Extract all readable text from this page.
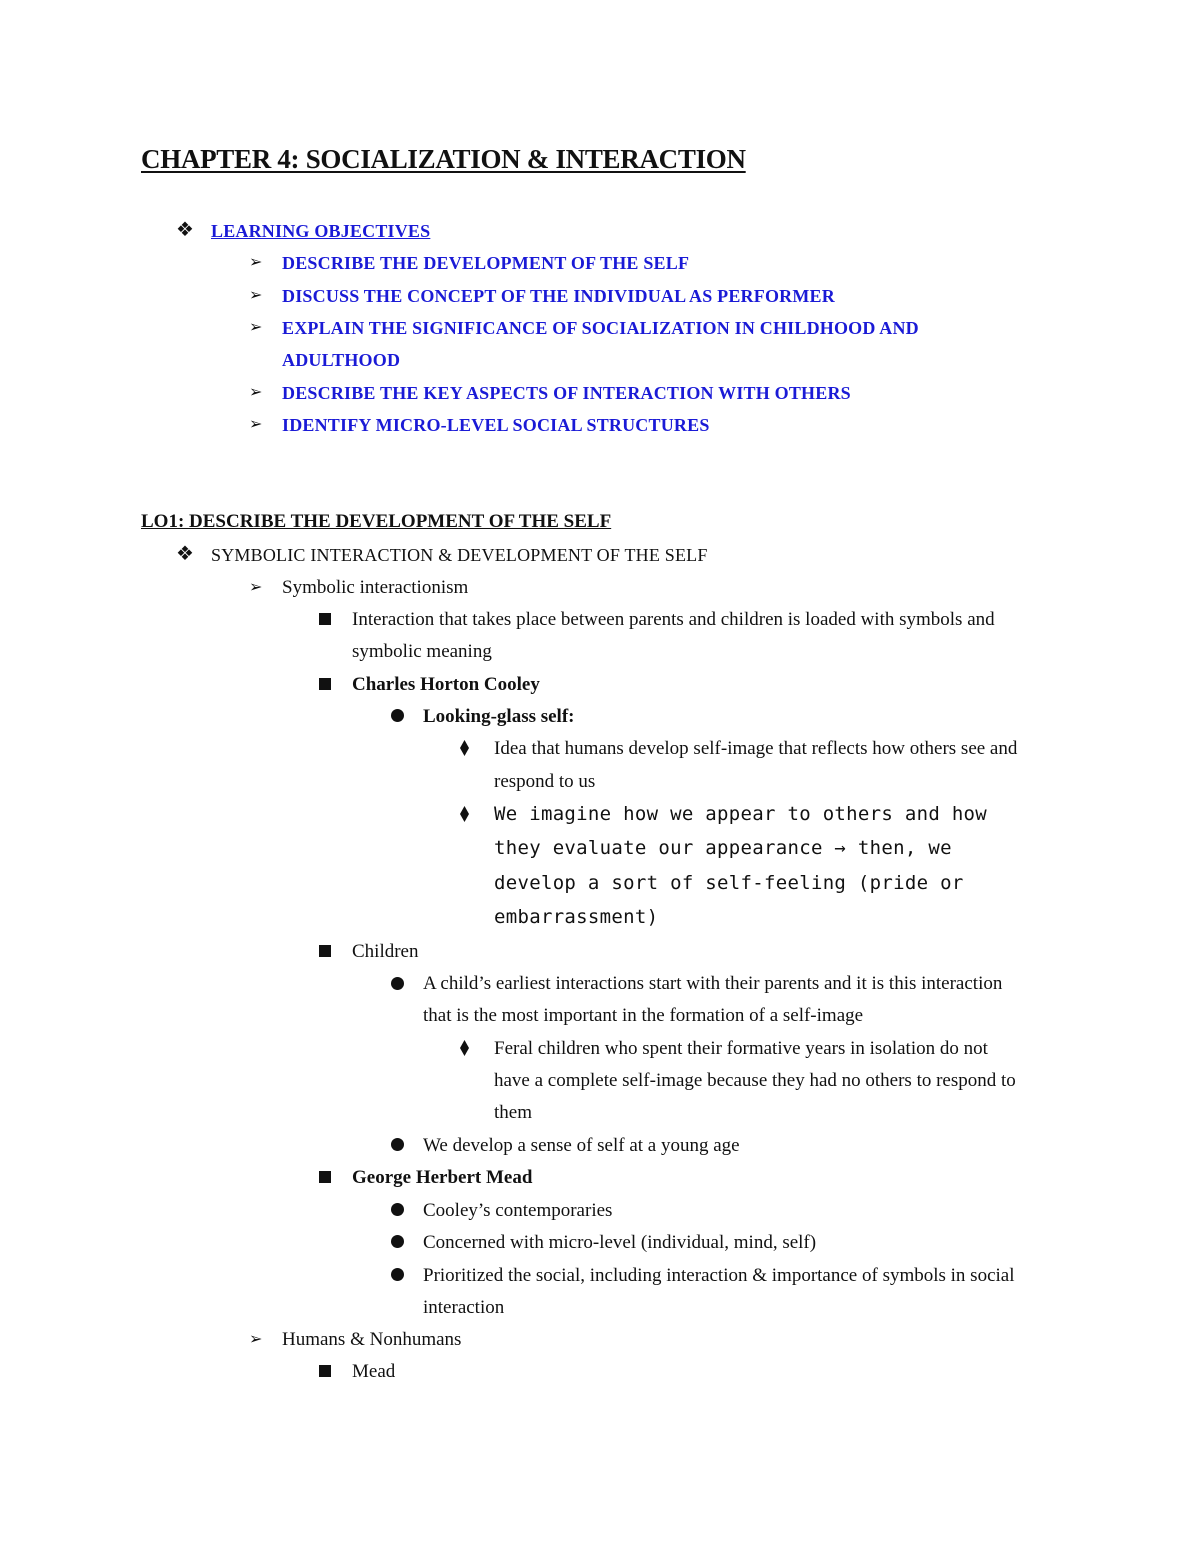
CHAPTER 4: SOCIALIZATION & INTERACTION
❖ LEARNING OBJECTIVES
➢ DESCRIBE THE DEVELOPMENT OF THE SELF
➢ DISCUSS THE CONCEPT OF THE INDIVIDUAL AS PERFORMER
➢ EXPLAIN THE SIGNIFICANCE OF SOCIALIZATION IN CHILDHOOD AND
ADULTHOOD
➢ DESCRIBE THE KEY ASPECTS OF INTERACTION WITH OTHERS
➢ IDENTIFY MICRO-LEVEL SOCIAL STRUCTURES
LO1: DESCRIBE THE DEVELOPMENT OF THE SELF
❖ SYMBOLIC INTERACTION & DEVELOPMENT OF THE SELF
➢ Symbolic interactionism
Interaction that takes place between parents and children is loaded with symbols and
symbolic meaning
Charles Horton Cooley
Looking-glass self:
Idea that humans develop self-image that reflects how others see and
respond to us
We imagine how we appear to others and how
they evaluate our appearance → then, we
develop a sort of self-feeling (pride or
embarrassment)
Children
A child’s earliest interactions start with their parents and it is this interaction
that is the most important in the formation of a self-image
Feral children who spent their formative years in isolation do not
have a complete self-image because they had no others to respond to
them
We develop a sense of self at a young age
George Herbert Mead
Cooley’s contemporaries
Concerned with micro-level (individual, mind, self)
Prioritized the social, including interaction & importance of symbols in social
interaction
➢ Humans & Nonhumans
Mead
